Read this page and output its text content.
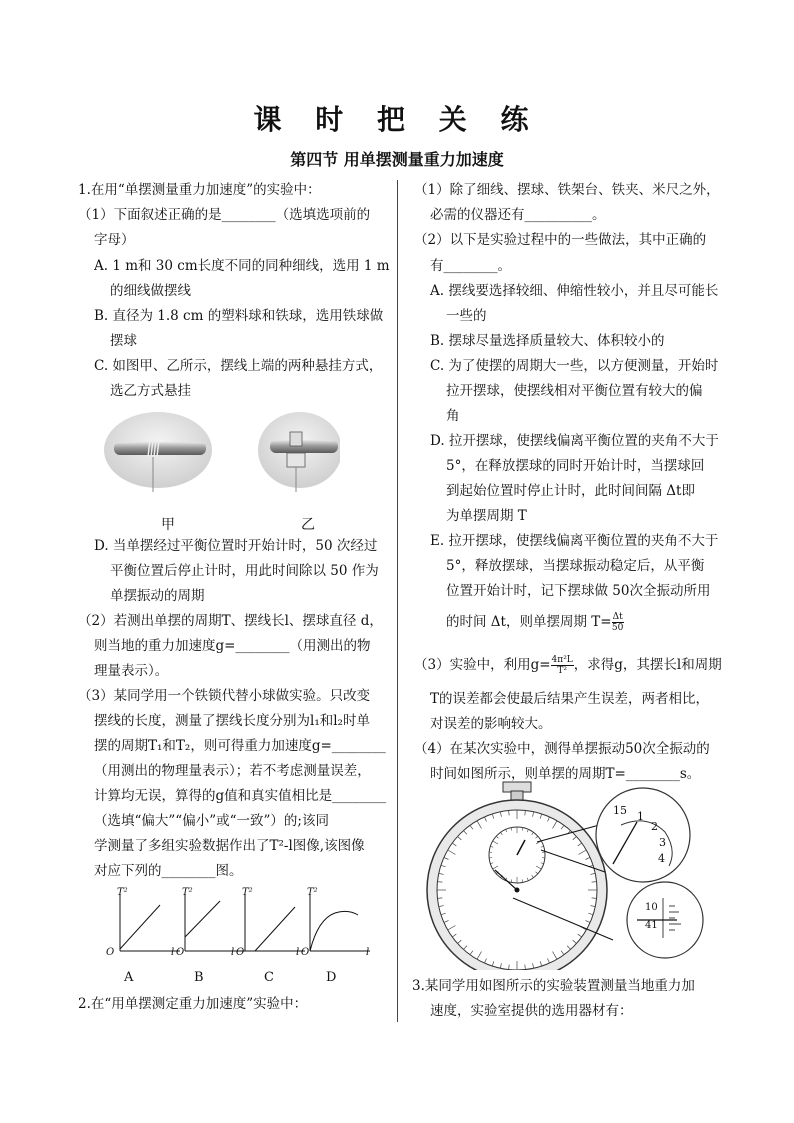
课 时 把 关 练
第四节 用单摆测量重力加速度
1.在用“单摆测量重力加速度”的实验中：
（1）下面叙述正确的是________（选填选项前的
字母）
A. 1 m和 30 cm长度不同的同种细线，选用 1 m
的细线做摆线
B. 直径为 1.8 cm 的塑料球和铁球，选用铁球做
摆球
C. 如图甲、乙所示，摆线上端的两种悬挂方式，
选乙方式悬挂
D. 当单摆经过平衡位置时开始计时，50 次经过
平衡位置后停止计时，用此时间除以 50 作为
单摆振动的周期
（2）若测出单摆的周期T、摆线长l、摆球直径 d，
则当地的重力加速度g=________（用测出的物
理量表示）。
（3）某同学用一个铁锁代替小球做实验。只改变
摆线的长度，测量了摆线长度分别为l₁和l₂时单
摆的周期T₁和T₂，则可得重力加速度g=________
（用测出的物理量表示）；若不考虑测量误差，
计算均无误，算得的g值和真实值相比是________
（选填“偏大”“偏小”或“一致”）的;该同
学测量了多组实验数据作出了T²-l图像,该图像
对应下列的________图。
2.在“用单摆测定重力加速度”实验中：
甲	乙
T²	T²	T²	T²
O	l O	l O	l O	l
A	B	C	D
（1）除了细线、摆球、铁架台、铁夹、米尺之外，
必需的仪器还有__________。
（2）以下是实验过程中的一些做法，其中正确的
有________。
A. 摆线要选择较细、伸缩性较小，并且尽可能长
一些的
B. 摆球尽量选择质量较大、体积较小的
C. 为了使摆的周期大一些，以方便测量，开始时
拉开摆球，使摆线相对平衡位置有较大的偏
角
D. 拉开摆球，使摆线偏离平衡位置的夹角不大于
5°，在释放摆球的同时开始计时，当摆球回
到起始位置时停止计时，此时间间隔 Δt即
为单摆周期 T
E. 拉开摆球，使摆线偏离平衡位置的夹角不大于
5°，释放摆球，当摆球振动稳定后，从平衡
位置开始计时，记下摆球做 50次全振动所用
的时间 Δt，则单摆周期 $T= \frac{\Delta t}{50}$
（3）实验中，利用$g= \frac{\text{4π²L}}{\text{T²}}$ ，求得g，其摆长l和周期
T的误差都会使最后结果产生误差，两者相比，
对误差的影响较大。
（4）在某次实验中，测得单摆振动50次全振动的
时间如图所示，则单摆的周期T=________s。
3.某同学用如图所示的实验装置测量当地重力加
速度，实验室提供的选用器材有：
15 1
2
3
4
10
41
